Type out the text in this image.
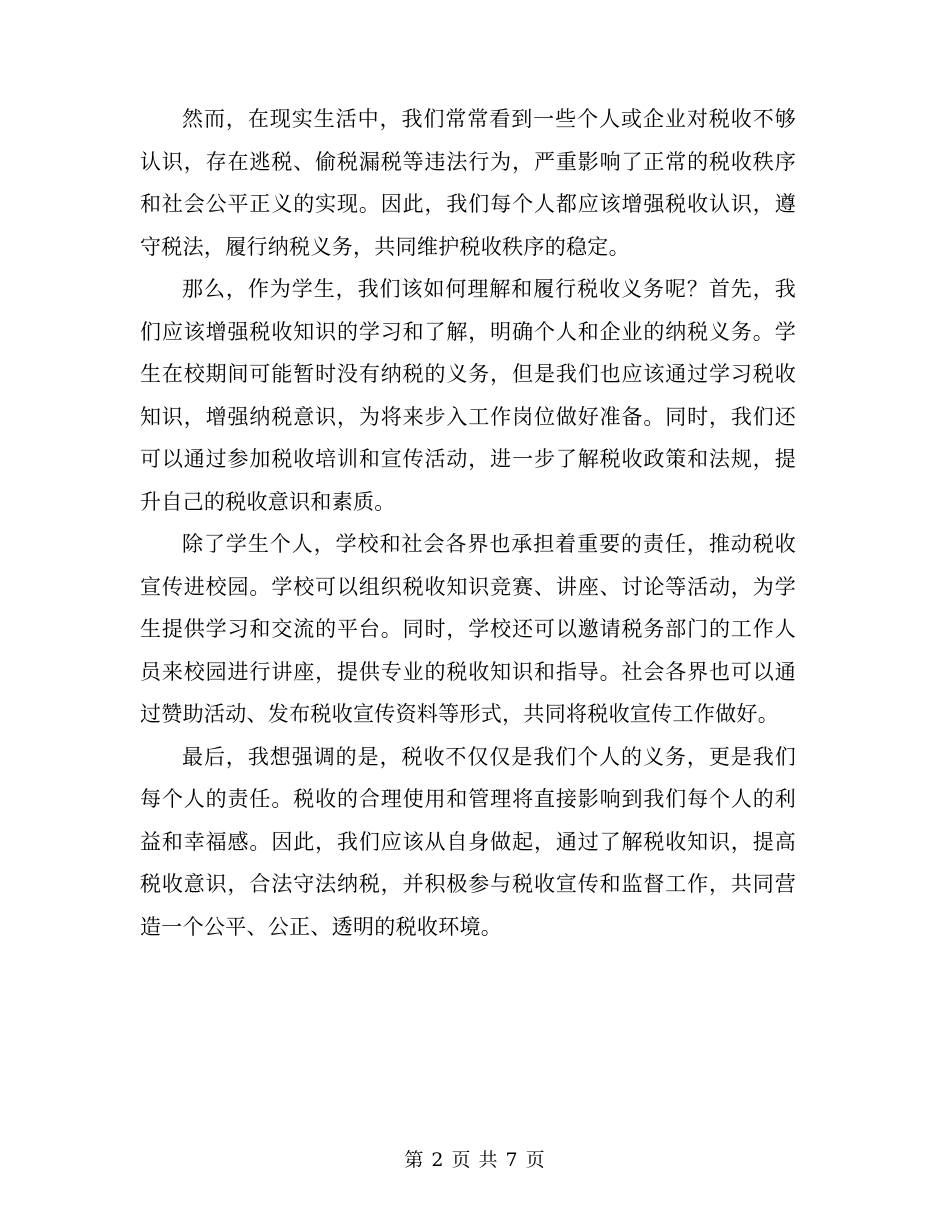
然而，在现实生活中，我们常常看到一些个人或企业对税收不够认识，存在逃税、偷税漏税等违法行为，严重影响了正常的税收秩序和社会公平正义的实现。因此，我们每个人都应该增强税收认识，遵守税法，履行纳税义务，共同维护税收秩序的稳定。

那么，作为学生，我们该如何理解和履行税收义务呢？首先，我们应该增强税收知识的学习和了解，明确个人和企业的纳税义务。学生在校期间可能暂时没有纳税的义务，但是我们也应该通过学习税收知识，增强纳税意识，为将来步入工作岗位做好准备。同时，我们还可以通过参加税收培训和宣传活动，进一步了解税收政策和法规，提升自己的税收意识和素质。

除了学生个人，学校和社会各界也承担着重要的责任，推动税收宣传进校园。学校可以组织税收知识竞赛、讲座、讨论等活动，为学生提供学习和交流的平台。同时，学校还可以邀请税务部门的工作人员来校园进行讲座，提供专业的税收知识和指导。社会各界也可以通过赞助活动、发布税收宣传资料等形式，共同将税收宣传工作做好。

最后，我想强调的是，税收不仅仅是我们个人的义务，更是我们每个人的责任。税收的合理使用和管理将直接影响到我们每个人的利益和幸福感。因此，我们应该从自身做起，通过了解税收知识，提高税收意识，合法守法纳税，并积极参与税收宣传和监督工作，共同营造一个公平、公正、透明的税收环境。

第 2 页 共 7 页
